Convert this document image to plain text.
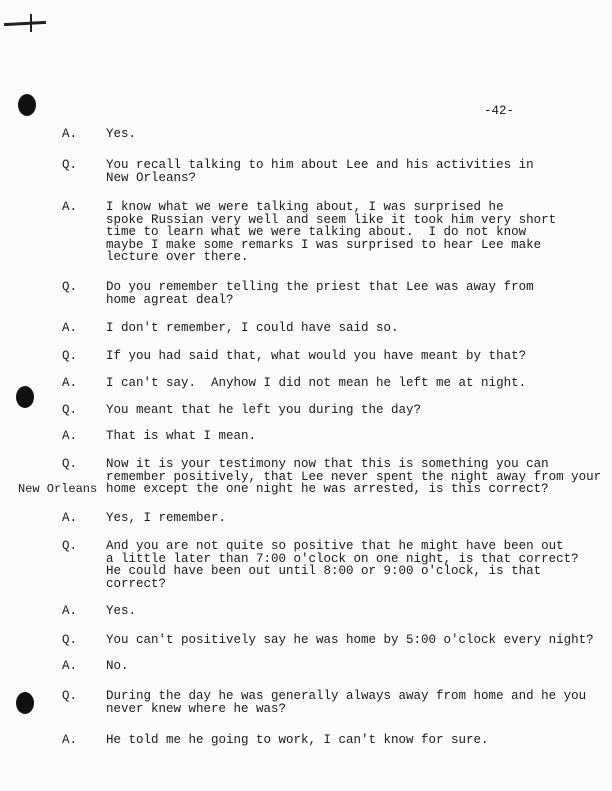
-42-
New Orleans
A. Yes.
Q. You recall talking to him about Lee and his activities in
New Orleans?
A. I know what we were talking about, I was surprised he
spoke Russian very well and seem like it took him very short
time to learn what we were talking about.  I do not know
maybe I make some remarks I was surprised to hear Lee make
lecture over there.
Q. Do you remember telling the priest that Lee was away from
home agreat deal?
A. I don't remember, I could have said so.
Q. If you had said that, what would you have meant by that?
A. I can't say.  Anyhow I did not mean he left me at night.
Q. You meant that he left you during the day?
A. That is what I mean.
Q. Now it is your testimony now that this is something you can
remember positively, that Lee never spent the night away from your
home except the one night he was arrested, is this correct?
A. Yes, I remember.
Q. And you are not quite so positive that he might have been out
a little later than 7:00 o'clock on one night, is that correct?
He could have been out until 8:00 or 9:00 o'clock, is that
correct?
A. Yes.
Q. You can't positively say he was home by 5:00 o'clock every night?
A. No.
Q. During the day he was generally always away from home and he you
never knew where he was?
A. He told me he going to work, I can't know for sure.
